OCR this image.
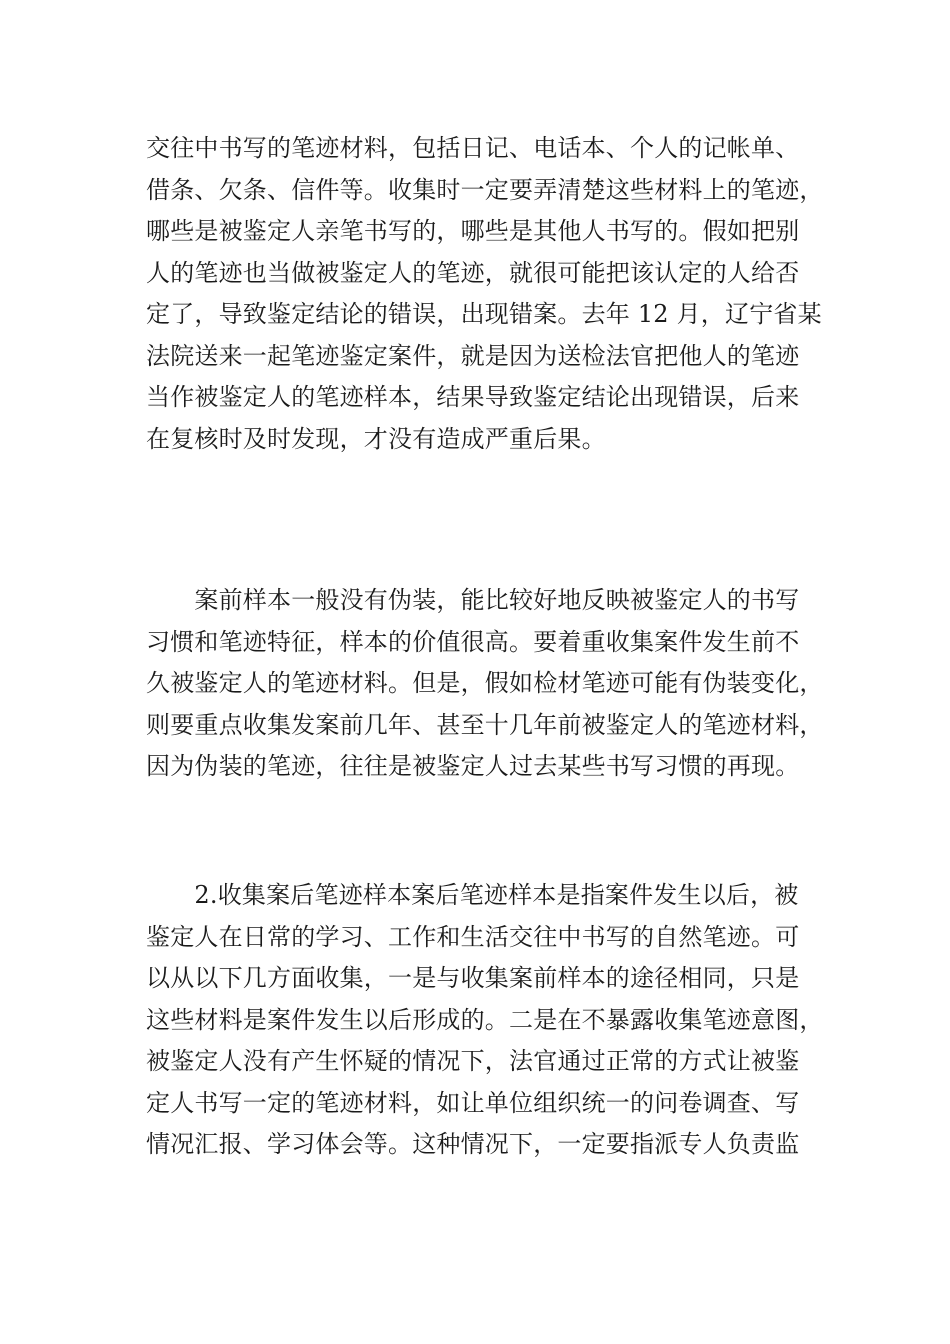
交往中书写的笔迹材料，包括日记、电话本、个人的记帐单、
借条、欠条、信件等。收集时一定要弄清楚这些材料上的笔迹，
哪些是被鉴定人亲笔书写的，哪些是其他人书写的。假如把别
人的笔迹也当做被鉴定人的笔迹，就很可能把该认定的人给否
定了，导致鉴定结论的错误，出现错案。去年 12 月，辽宁省某
法院送来一起笔迹鉴定案件，就是因为送检法官把他人的笔迹
当作被鉴定人的笔迹样本，结果导致鉴定结论出现错误，后来
在复核时及时发现，才没有造成严重后果。

　　案前样本一般没有伪装，能比较好地反映被鉴定人的书写
习惯和笔迹特征，样本的价值很高。要着重收集案件发生前不
久被鉴定人的笔迹材料。但是，假如检材笔迹可能有伪装变化，
则要重点收集发案前几年、甚至十几年前被鉴定人的笔迹材料，
因为伪装的笔迹，往往是被鉴定人过去某些书写习惯的再现。

　　2.收集案后笔迹样本案后笔迹样本是指案件发生以后，被
鉴定人在日常的学习、工作和生活交往中书写的自然笔迹。可
以从以下几方面收集，一是与收集案前样本的途径相同，只是
这些材料是案件发生以后形成的。二是在不暴露收集笔迹意图，
被鉴定人没有产生怀疑的情况下，法官通过正常的方式让被鉴
定人书写一定的笔迹材料，如让单位组织统一的问卷调查、写
情况汇报、学习体会等。这种情况下，一定要指派专人负责监
